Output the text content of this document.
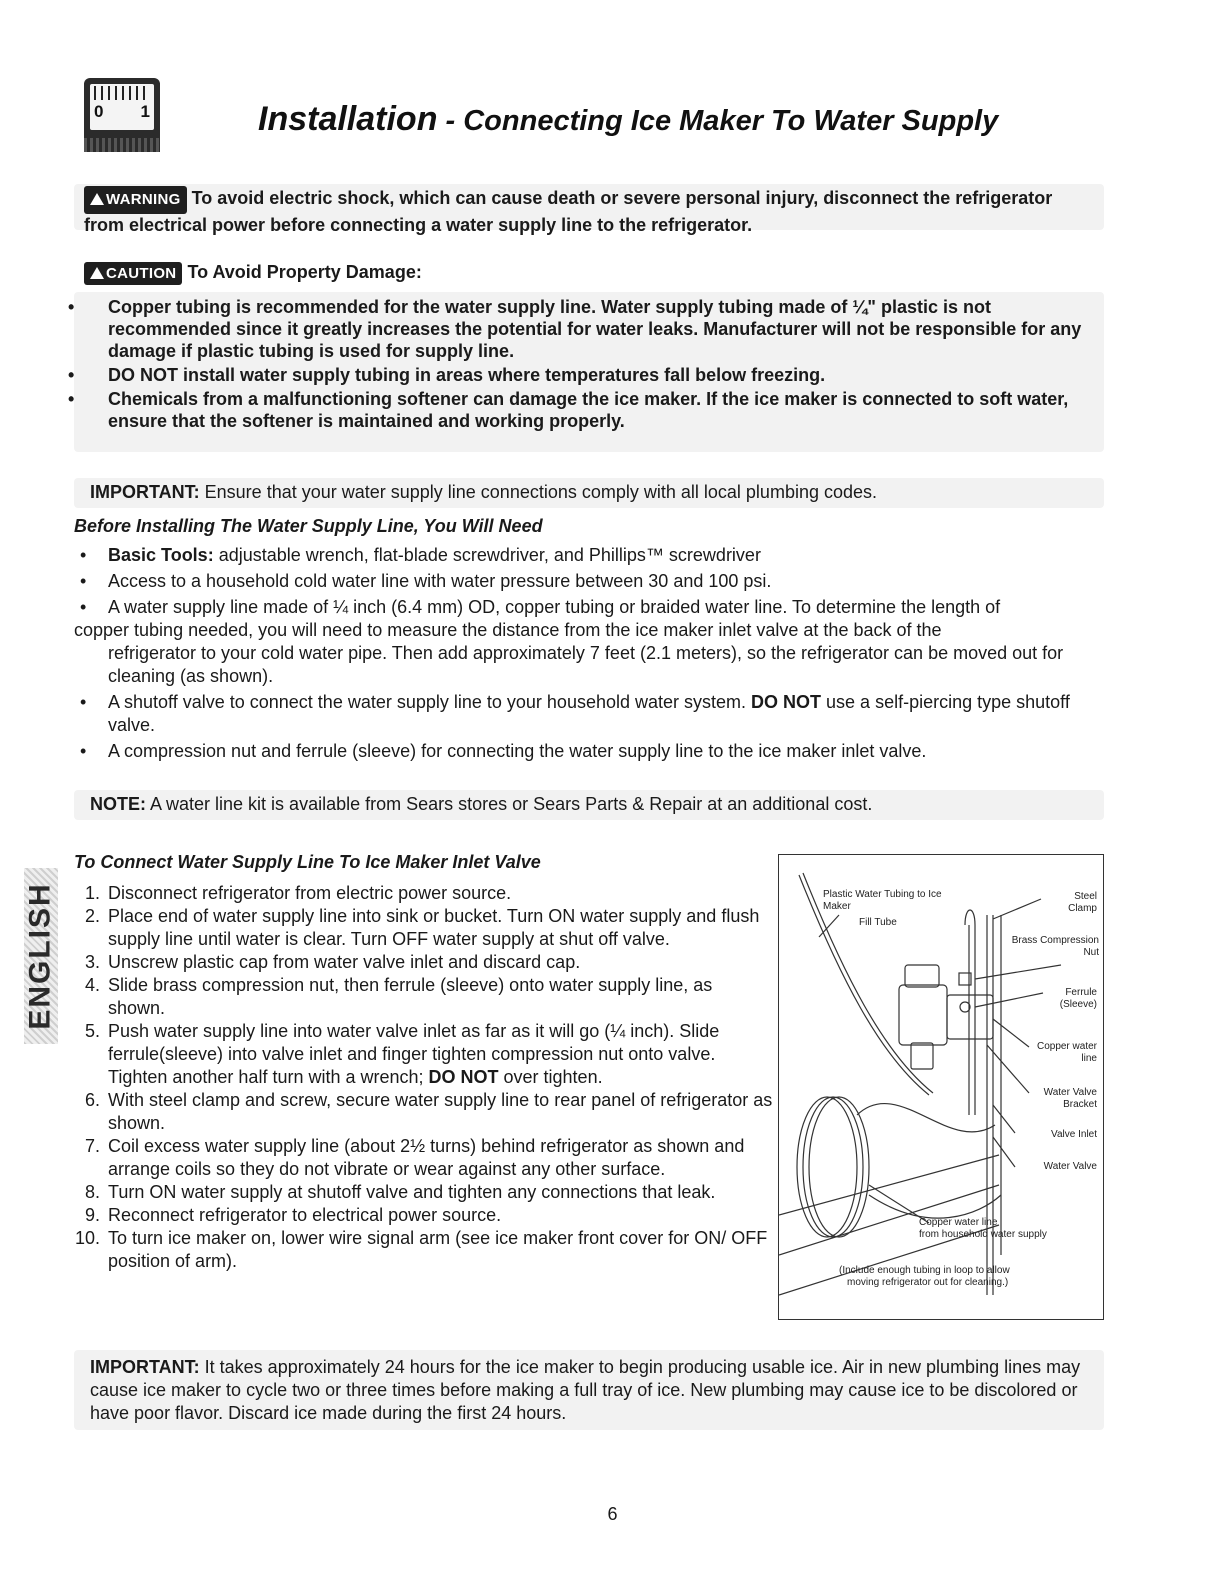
0 1	Installation - Connecting Ice Maker To Water Supply
WARNING To avoid electric shock, which can cause death or severe personal injury, disconnect the refrigerator from electrical power before connecting a water supply line to the refrigerator.
CAUTION To Avoid Property Damage:
• Copper tubing is recommended for the water supply line. Water supply tubing made of ¼" plastic is not recommended since it greatly increases the potential for water leaks. Manufacturer will not be responsible for any damage if plastic tubing is used for supply line.
• DO NOT install water supply tubing in areas where temperatures fall below freezing.
• Chemicals from a malfunctioning softener can damage the ice maker. If the ice maker is connected to soft water, ensure that the softener is maintained and working properly.
IMPORTANT: Ensure that your water supply line connections comply with all local plumbing codes.
Before Installing The Water Supply Line, You Will Need
• Basic Tools: adjustable wrench, flat-blade screwdriver, and Phillips™ screwdriver
• Access to a household cold water line with water pressure between 30 and 100 psi.
• A water supply line made of ¼ inch (6.4 mm) OD, copper tubing or braided water line. To determine the length of
copper tubing needed, you will need to measure the distance from the ice maker inlet valve at the back of the
refrigerator to your cold water pipe. Then add approximately 7 feet (2.1 meters), so the refrigerator can be moved out for cleaning (as shown).
• A shutoff valve to connect the water supply line to your household water system. DO NOT use a self-piercing type shutoff valve.
• A compression nut and ferrule (sleeve) for connecting the water supply line to the ice maker inlet valve.
NOTE: A water line kit is available from Sears stores or Sears Parts & Repair at an additional cost.
ENGLISH
To Connect Water Supply Line To Ice Maker Inlet Valve
1. Disconnect refrigerator from electric power source.
2. Place end of water supply line into sink or bucket. Turn ON water supply and flush supply line until water is clear. Turn OFF water supply at shut off valve.
3. Unscrew plastic cap from water valve inlet and discard cap.
4. Slide brass compression nut, then ferrule (sleeve) onto water supply line, as shown.
5. Push water supply line into water valve inlet as far as it will go (¼ inch). Slide ferrule(sleeve) into valve inlet and finger tighten compression nut onto valve. Tighten another half turn with a wrench; DO NOT over tighten.
6. With steel clamp and screw, secure water supply line to rear panel of refrigerator as shown.
7. Coil excess water supply line (about 2½ turns) behind refrigerator as shown and arrange coils so they do not vibrate or wear against any other surface.
8. Turn ON water supply at shutoff valve and tighten any connections that leak.
9. Reconnect refrigerator to electrical power source.
10. To turn ice maker on, lower wire signal arm (see ice maker front cover for ON/ OFF position of arm).
Plastic Water Tubing to Ice Maker
Fill Tube
Steel Clamp
Brass Compression Nut
Ferrule (Sleeve)
Copper water line
Water Valve Bracket
Valve Inlet
Water Valve
Copper water line
from household water supply
(Include enough tubing in loop to allow
moving refrigerator out for cleaning.)
IMPORTANT: It takes approximately 24 hours for the ice maker to begin producing usable ice. Air in new plumbing lines may cause ice maker to cycle two or three times before making a full tray of ice. New plumbing may cause ice to be discolored or have poor flavor. Discard ice made during the first 24 hours.
6
